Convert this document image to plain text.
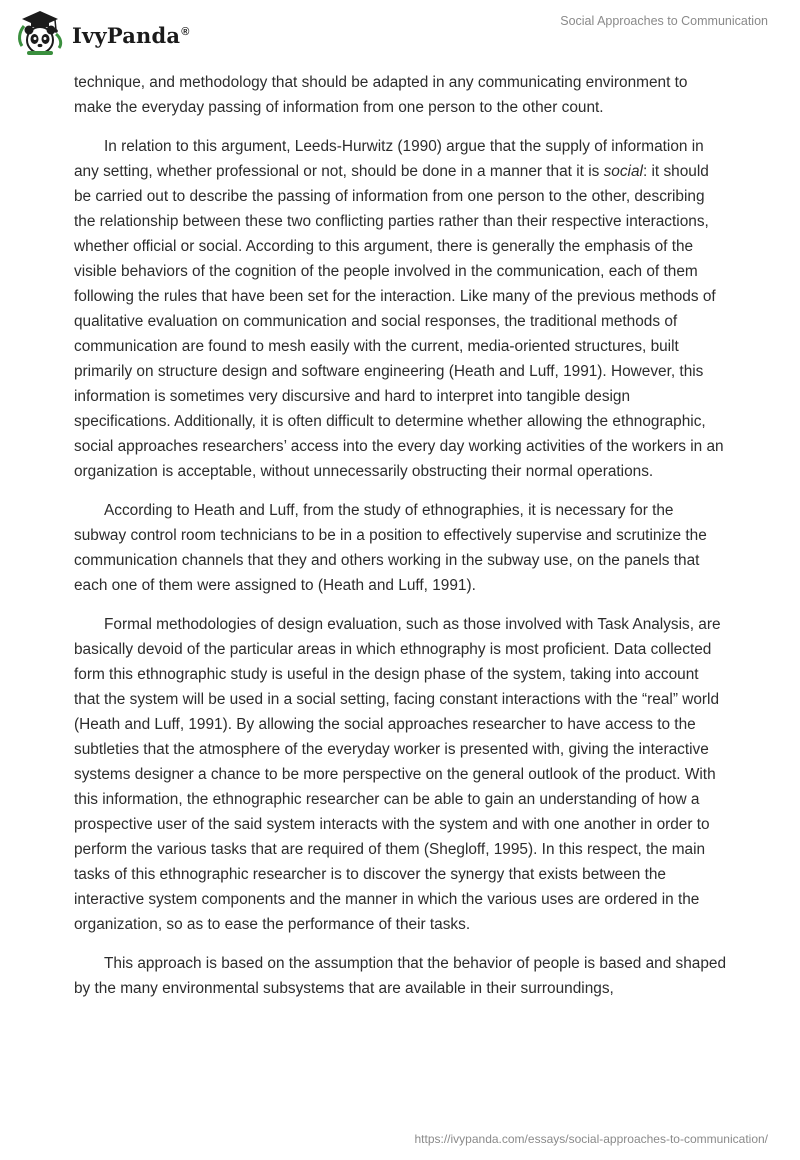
IvyPanda®
Social Approaches to Communication

technique, and methodology that should be adapted in any communicating environment to make the everyday passing of information from one person to the other count.

In relation to this argument, Leeds-Hurwitz (1990) argue that the supply of information in any setting, whether professional or not, should be done in a manner that it is social: it should be carried out to describe the passing of information from one person to the other, describing the relationship between these two conflicting parties rather than their respective interactions, whether official or social. According to this argument, there is generally the emphasis of the visible behaviors of the cognition of the people involved in the communication, each of them following the rules that have been set for the interaction. Like many of the previous methods of qualitative evaluation on communication and social responses, the traditional methods of communication are found to mesh easily with the current, media-oriented structures, built primarily on structure design and software engineering (Heath and Luff, 1991). However, this information is sometimes very discursive and hard to interpret into tangible design specifications. Additionally, it is often difficult to determine whether allowing the ethnographic, social approaches researchers’ access into the every day working activities of the workers in an organization is acceptable, without unnecessarily obstructing their normal operations.

According to Heath and Luff, from the study of ethnographies, it is necessary for the subway control room technicians to be in a position to effectively supervise and scrutinize the communication channels that they and others working in the subway use, on the panels that each one of them were assigned to (Heath and Luff, 1991).

Formal methodologies of design evaluation, such as those involved with Task Analysis, are basically devoid of the particular areas in which ethnography is most proficient. Data collected form this ethnographic study is useful in the design phase of the system, taking into account that the system will be used in a social setting, facing constant interactions with the “real” world (Heath and Luff, 1991). By allowing the social approaches researcher to have access to the subtleties that the atmosphere of the everyday worker is presented with, giving the interactive systems designer a chance to be more perspective on the general outlook of the product. With this information, the ethnographic researcher can be able to gain an understanding of how a prospective user of the said system interacts with the system and with one another in order to perform the various tasks that are required of them (Shegloff, 1995). In this respect, the main tasks of this ethnographic researcher is to discover the synergy that exists between the interactive system components and the manner in which the various uses are ordered in the organization, so as to ease the performance of their tasks.

This approach is based on the assumption that the behavior of people is based and shaped by the many environmental subsystems that are available in their surroundings,

https://ivypanda.com/essays/social-approaches-to-communication/
